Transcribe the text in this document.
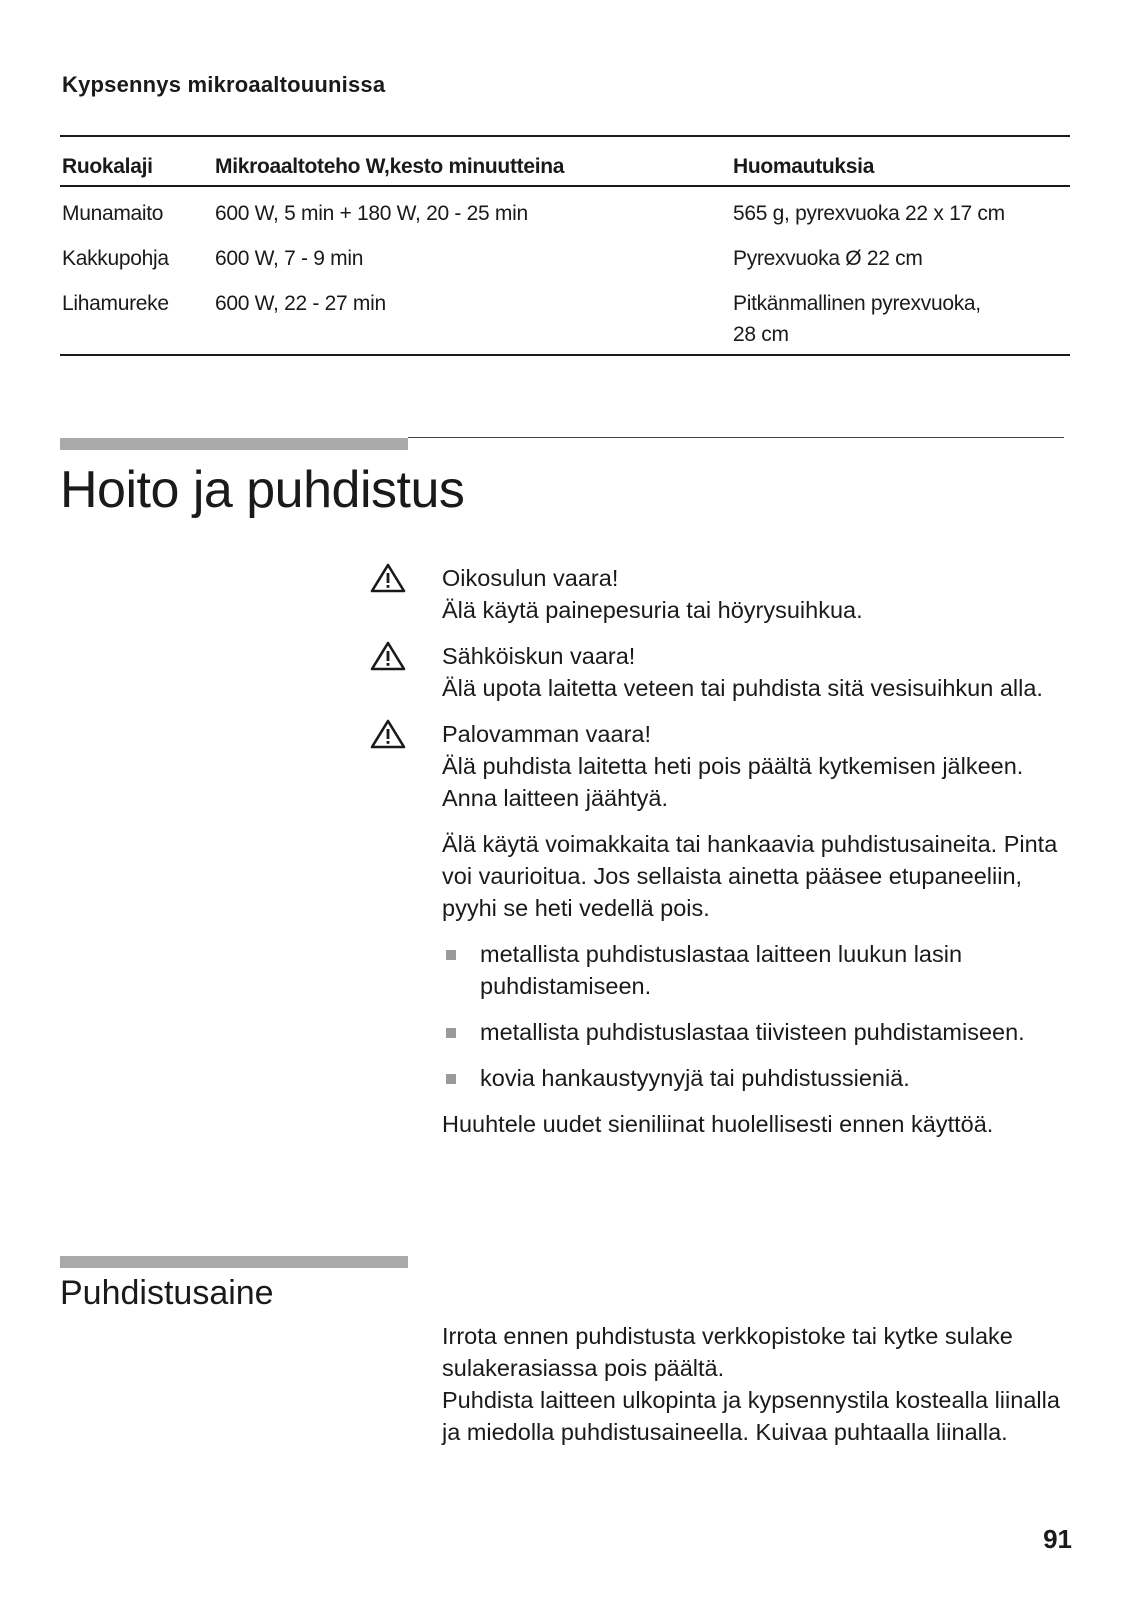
Kypsennys mikroaaltouunissa

Ruokalaji	Mikroaaltoteho W,kesto minuutteina	Huomautuksia
Munamaito	600 W, 5 min + 180 W, 20 - 25 min	565 g, pyrexvuoka 22 x 17 cm
Kakkupohja	600 W, 7 - 9 min	Pyrexvuoka Ø 22 cm
Lihamureke	600 W, 22 - 27 min	Pitkänmallinen pyrexvuoka,
28 cm
Hoito ja puhdistus

Oikosulun vaara!

Älä käytä painepesuria tai höyrysuihkua.

Sähköiskun vaara!

Älä upota laitetta veteen tai puhdista sitä vesisuihkun alla.

Palovamman vaara!

Älä puhdista laitetta heti pois päältä kytkemisen jälkeen. Anna laitteen jäähtyä.

Älä käytä voimakkaita tai hankaavia puhdistusaineita. Pinta voi vaurioitua. Jos sellaista ainetta pääsee etupaneeliin, pyyhi se heti vedellä pois.

metallista puhdistuslastaa laitteen luukun lasin puhdistamiseen.
metallista puhdistuslastaa tiivisteen puhdistamiseen.
kovia hankaustyynyjä tai puhdistussieniä.

Huuhtele uudet sieniliinat huolellisesti ennen käyttöä.

Puhdistusaine

Irrota ennen puhdistusta verkkopistoke tai kytke sulake sulakerasiassa pois päältä.

Puhdista laitteen ulkopinta ja kypsennystila kostealla liinalla ja miedolla puhdistusaineella. Kuivaa puhtaalla liinalla.

91
